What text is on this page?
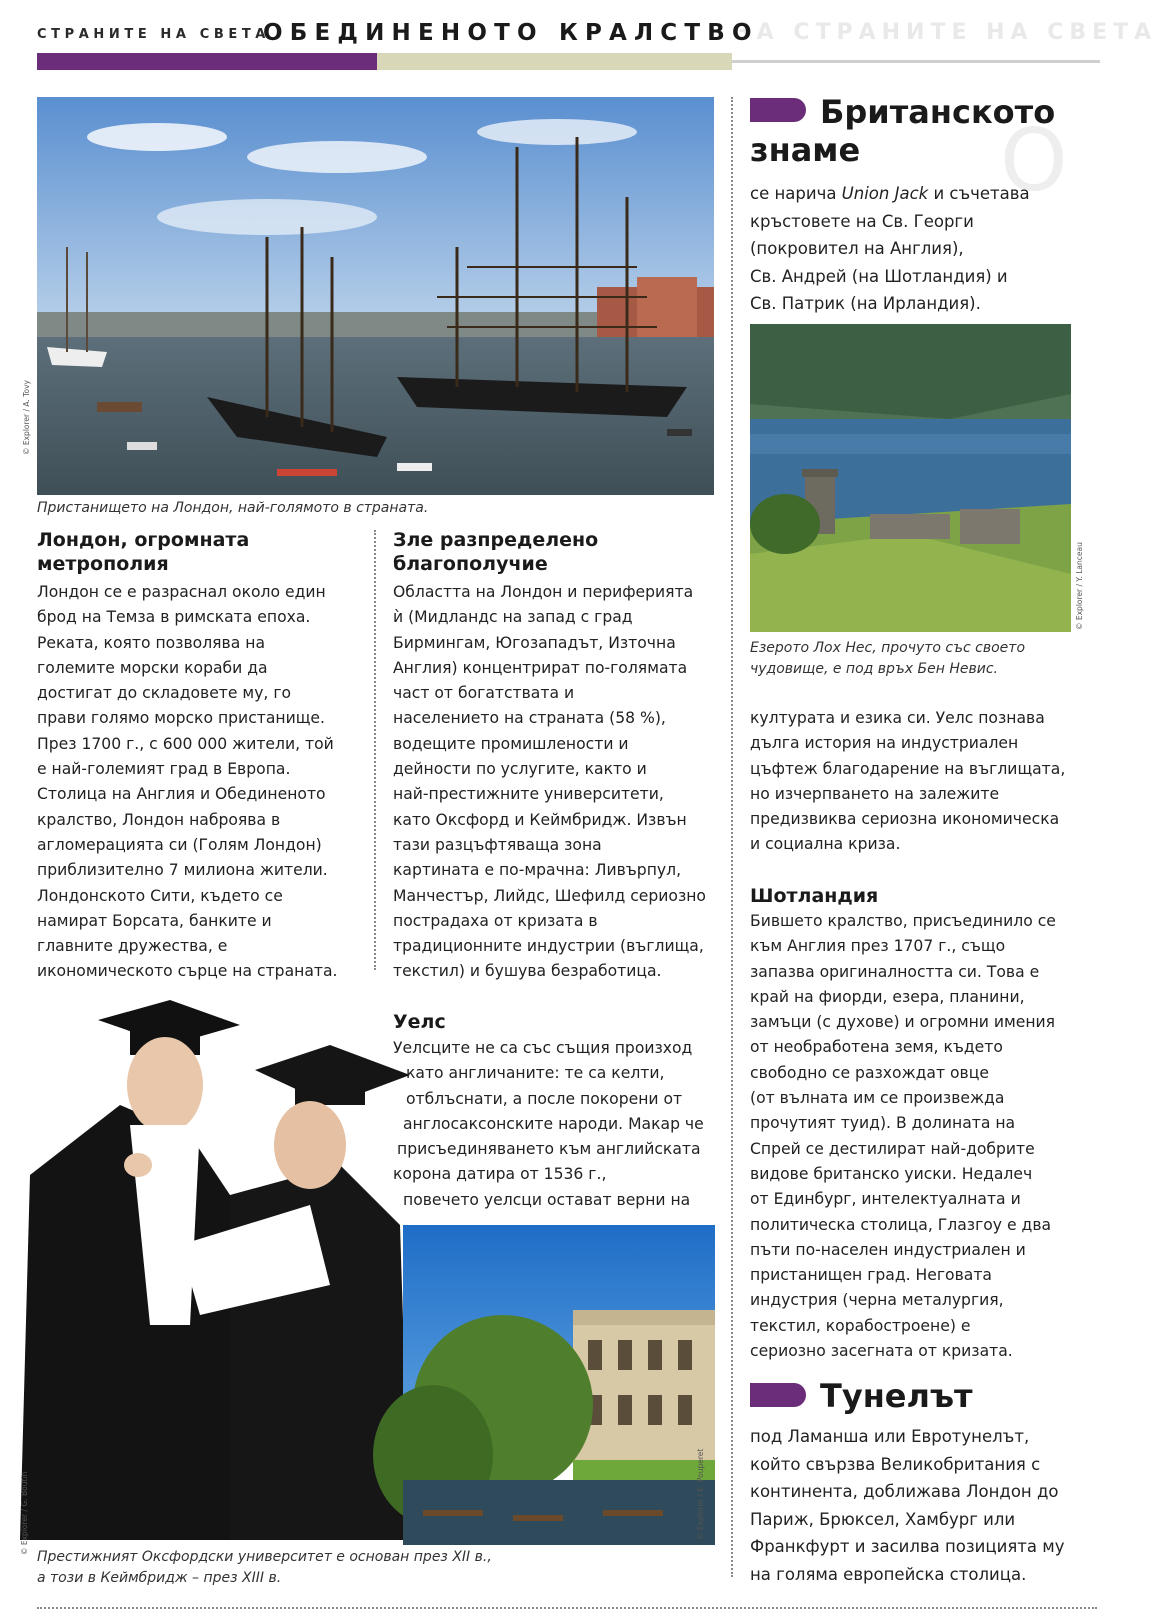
ЗА СТРАНИТЕ НА СВЕТА
СТРАНИТЕ НА СВЕТА
ОБЕДИНЕНОТО КРАЛСТВО
О
© Explorer / A. Tovy
Пристанището на Лондон, най-голямото в страната.
Лондон, огромната
метрополия

Лондон се е разраснал около един

брод на Темза в римската епоха.

Реката, която позволява на

големите морски кораби да

достигат до складовете му, го

прави голямо морско пристанище.

През 1700 г., с 600 000 жители, той

е най-големият град в Европа.

Столица на Англия и Обединеното

кралство, Лондон наброява в

агломерацията си (Голям Лондон)

приблизително 7 милиона жители.

Лондонското Сити, където се

намират Борсата, банките и

главните дружества, е

икономическото сърце на страната.

Зле разпределено
благополучие

Областта на Лондон и периферията

ѝ (Мидландс на запад с град

Бирмингам, Югозападът, Източна

Англия) концентрират по-голямата

част от богатствата и

населението на страната (58 %),

водещите промишлености и

дейности по услугите, както и

най-престижните университети,

като Оксфорд и Кеймбридж. Извън

тази разцъфтяваща зона

картината е по-мрачна: Ливърпул,

Манчестър, Лийдс, Шефилд сериозно

пострадаха от кризата в

традиционните индустрии (въглища,

текстил) и бушува безработица.

Уелс

Уелсците не са със същия произход

като англичаните: те са келти,

отблъснати, а после покорени от

англосаксонските народи. Макар че

присъединяването към английската

корона датира от 1536 г.,

повечето уелсци остават верни на

© Explorer / G. Boutin	© Explorer / E. Pouperet
Престижният Оксфордски университет е основан през XII в.,
а този в Кеймбридж – през XIII в.
Британското
знаме

се нарича Union Jack и съчетава

кръстовете на Св. Георги

(покровител на Англия),

Св. Андрей (на Шотландия) и

Св. Патрик (на Ирландия).

© Explorer / Y. Lanceau
Езерото Лох Нес, прочуто със своето
чудовище, е под връх Бен Невис.

културата и езика си. Уелс познава

дълга история на индустриален

цъфтеж благодарение на въглищата,

но изчерпването на залежите

предизвиква сериозна икономическа

и социална криза.

Шотландия

Бившето кралство, присъединило се

към Англия през 1707 г., също

запазва оригиналността си. Това е

край на фиорди, езера, планини,

замъци (с духове) и огромни имения

от необработена земя, където

свободно се разхождат овце

(от вълната им се произвежда

прочутият туид). В долината на

Спрей се дестилират най-добрите

видове британско уиски. Недалеч

от Единбург, интелектуалната и

политическа столица, Глазгоу е два

пъти по-населен индустриален и

пристанищен град. Неговата

индустрия (черна металургия,

текстил, корабостроене) е

сериозно засегната от кризата.

Тунелът

под Ламанша или Евротунелът,

който свързва Великобритания с

континента, доближава Лондон до

Париж, Брюксел, Хамбург или

Франкфурт и засилва позицията му

на голяма европейска столица.
